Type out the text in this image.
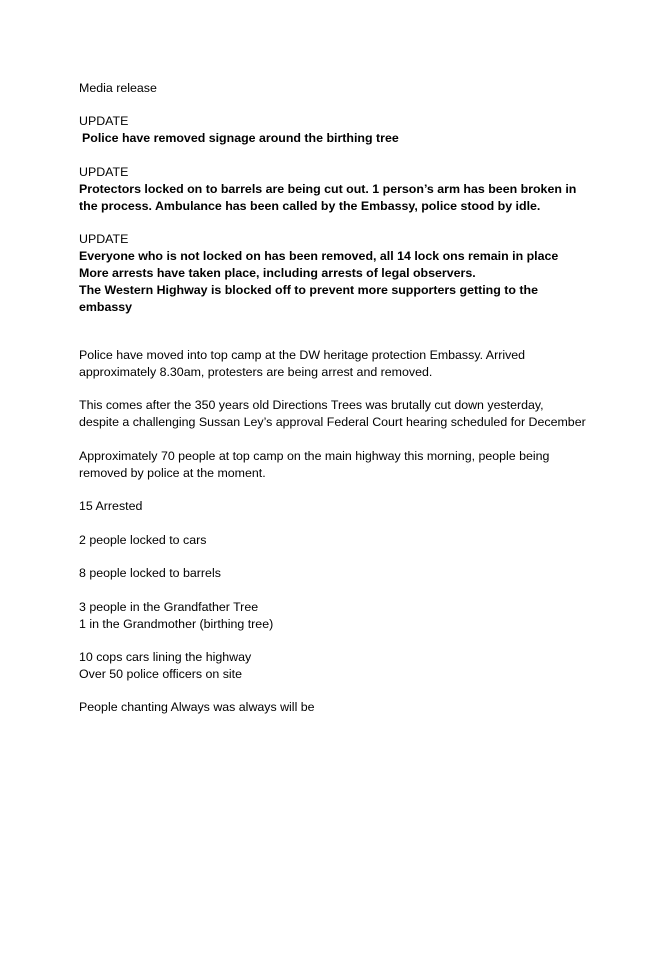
Media release

UPDATE
Police have removed signage around the birthing tree

UPDATE
Protectors locked on to barrels are being cut out. 1 person’s arm has been broken in
the process. Ambulance has been called by the Embassy, police stood by idle.

UPDATE
Everyone who is not locked on has been removed, all 14 lock ons remain in place
More arrests have taken place, including arrests of legal observers.
The Western Highway is blocked off to prevent more supporters getting to the
embassy

Police have moved into top camp at the DW heritage protection Embassy. Arrived
approximately 8.30am, protesters are being arrest and removed.

This comes after the 350 years old Directions Trees was brutally cut down yesterday,
despite a challenging Sussan Ley’s approval Federal Court hearing scheduled for December

Approximately 70 people at top camp on the main highway this morning, people being
removed by police at the moment.

15 Arrested

2 people locked to cars

8 people locked to barrels

3 people in the Grandfather Tree
1 in the Grandmother (birthing tree)

10 cops cars lining the highway
Over 50 police officers on site

People chanting Always was always will be
